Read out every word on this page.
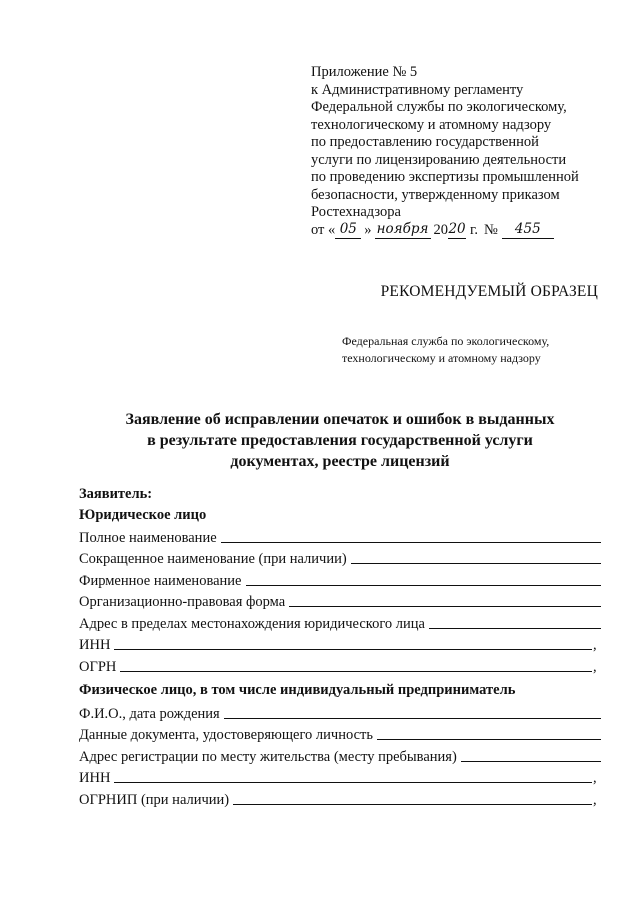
Приложение № 5
к Административному регламенту
Федеральной службы по экологическому,
технологическому и атомному надзору
по предоставлению государственной
услуги по лицензированию деятельности
по проведению экспертизы промышленной
безопасности, утвержденному приказом
Ростехнадзора
от « 05 » ноября 2020 г. № 455
РЕКОМЕНДУЕМЫЙ ОБРАЗЕЦ
Федеральная служба по экологическому,
технологическому и атомному надзору
Заявление об исправлении опечаток и ошибок в выданных
в результате предоставления государственной услуги
документах, реестре лицензий
Заявитель:
Юридическое лицо
Полное наименование
Сокращенное наименование (при наличии)
Фирменное наименование
Организационно-правовая форма
Адрес в пределах местонахождения юридического лица
ИНН	,
ОГРН	,
Физическое лицо, в том числе индивидуальный предприниматель
Ф.И.О., дата рождения
Данные документа, удостоверяющего личность
Адрес регистрации по месту жительства (месту пребывания)
ИНН	,
ОГРНИП (при наличии)	,
